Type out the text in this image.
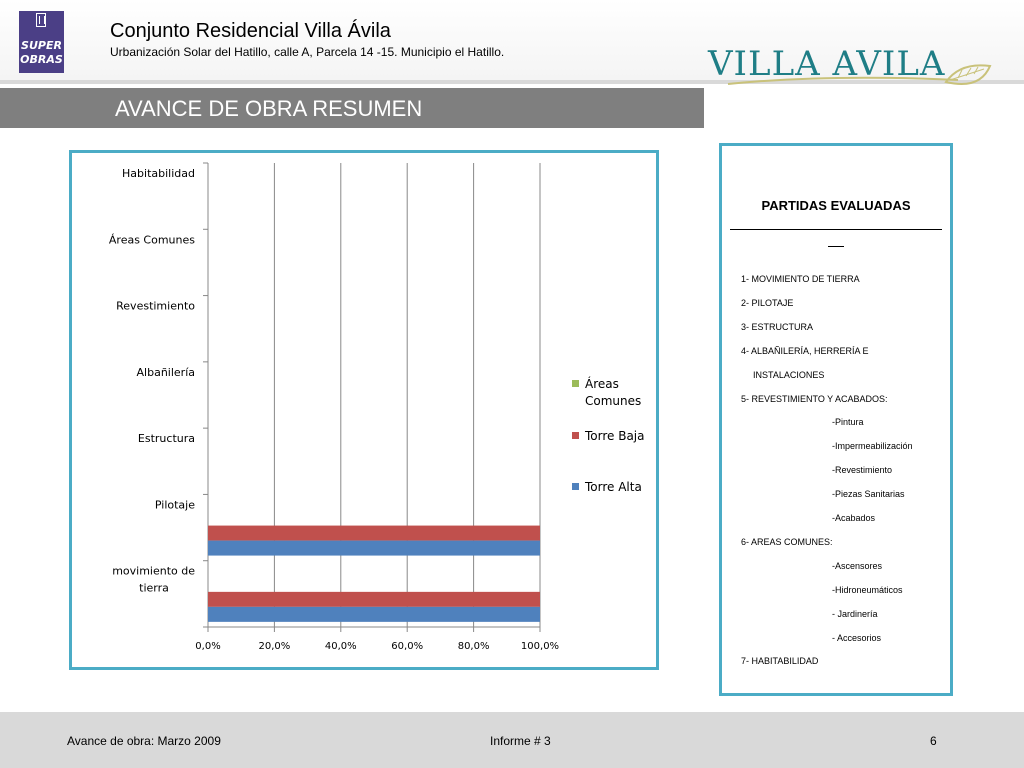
SUPER
OBRAS
Conjunto Residencial Villa Ávila
Urbanización Solar del Hatillo, calle A, Parcela 14 -15. Municipio el Hatillo.	VILLA AVILA
AVANCE DE OBRA RESUMEN
0,0%	20,0%	40,0%	60,0%	80,0%	100,0%
movimiento de tierra
Pilotaje
Estructura
Albañilería
Revestimiento
Áreas Comunes
Habitabilidad
Áreas Comunes
Torre Baja
Torre Alta
PARTIDAS EVALUADAS
1- MOVIMIENTO DE TIERRA
2- PILOTAJE
3- ESTRUCTURA
4- ALBAÑILERÍA, HERRERÍA E
INSTALACIONES
5- REVESTIMIENTO Y ACABADOS:
-Pintura
-Impermeabilización
-Revestimiento
-Piezas Sanitarias
-Acabados
6- AREAS COMUNES:
-Ascensores
-Hidroneumáticos
- Jardinería
- Accesorios
7- HABITABILIDAD
Avance de obra: Marzo 2009	Informe # 3	6
